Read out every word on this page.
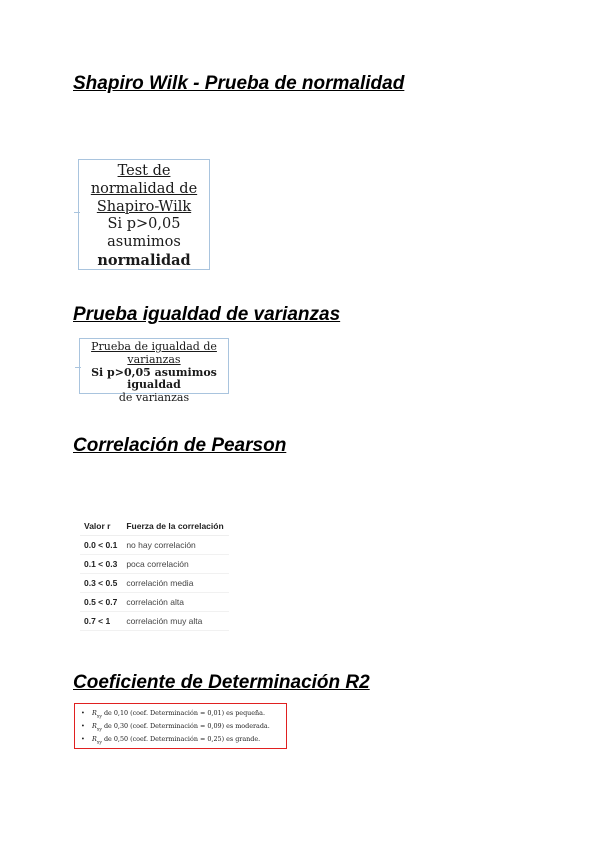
Shapiro Wilk - Prueba de normalidad
Test de
normalidad de
Shapiro-Wilk
Si p>0,05
asumimos
normalidad
Prueba igualdad de varianzas
Prueba de igualdad de
varianzas
Si p>0,05 asumimos igualdad
de varianzas
Correlación de Pearson
Valor r	Fuerza de la correlación
0.0 < 0.1	no hay correlación
0.1 < 0.3	poca correlación
0.3 < 0.5	correlación media
0.5 < 0.7	correlación alta
0.7 < 1	correlación muy alta
Coeficiente de Determinación R2
• $R_{xy}$ de 0,10 (coef. Determinación = 0,01) es pequeña.
• $R_{xy}$ de 0,30 (coef. Determinación = 0,09) es moderada.
• $R_{xy}$ de 0,50 (coef. Determinación = 0,25) es grande.
